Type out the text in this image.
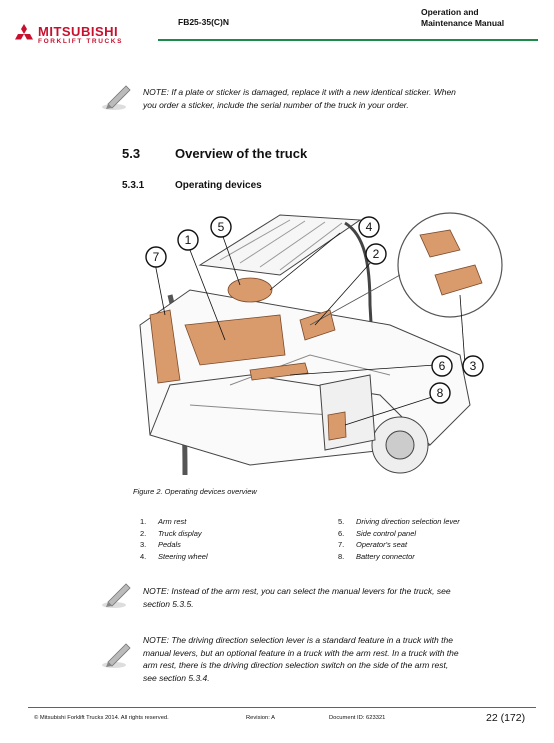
MITSUBISHI
FORKLIFT TRUCKS
FB25-35(C)N
Operation and
Maintenance Manual
NOTE: If a plate or sticker is damaged, replace it with a new identical sticker. When
you order a sticker, include the serial number of the truck in your order.
5.3	Overview of the truck
5.3.1	Operating devices
1
2
3
4
5
6
7
8
Figure 2. Operating devices overview
1. Arm rest
2. Truck display
3. Pedals
4. Steering wheel
5. Driving direction selection lever
6. Side control panel
7. Operator's seat
8. Battery connector
NOTE: Instead of the arm rest, you can select the manual levers for the truck, see
section 5.3.5.
NOTE: The driving direction selection lever is a standard feature in a truck with the
manual levers, but an optional feature in a truck with the arm rest. In a truck with the
arm rest, there is the driving direction selection switch on the side of the arm rest,
see section 5.3.4.
© Mitsubishi Forklift Trucks 2014. All rights reserved.	Revision: A	Document ID: 623321	22 (172)
